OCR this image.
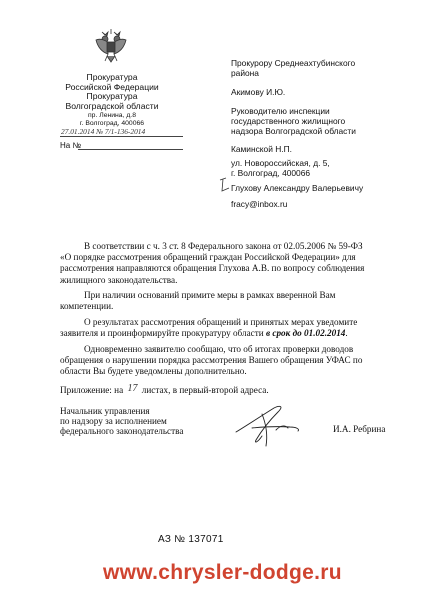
Прокуратура
Российской Федерации
Прокуратура
Волгоградской области
пр. Ленина, д.8
г. Волгоград, 400066
27.01.2014 № 7/1-136-2014
На №
Прокурору Среднеахтубинского
района
Акимову И.Ю.
Руководителю инспекции
государственного жилищного
надзора Волгоградской области
Каминской Н.П.
ул. Новороссийская, д. 5,
г. Волгоград, 400066
Глухову Александру Валерьевичу
fracy@inbox.ru
В соответствии с ч. 3 ст. 8 Федерального закона от 02.05.2006 № 59-ФЗ
«О порядке рассмотрения обращений граждан Российской Федерации» для
рассмотрения направляются обращения Глухова А.В. по вопросу соблюдения
жилищного законодательства.
При наличии оснований примите меры в рамках вверенной Вам
компетенции.
О результатах рассмотрения обращений и принятых мерах уведомите
заявителя и проинформируйте прокуратуру области в срок до 01.02.2014.
Одновременно заявителю сообщаю, что об итогах проверки доводов
обращения о нарушении порядка рассмотрения Вашего обращения УФАС по
области Вы будете уведомлены дополнительно.
Приложение: на 17 листах, в первый-второй адреса.
Начальник управления
по надзору за исполнением
федерального законодательства	И.А. Ребрина
АЗ № 137071
www.chrysler-dodge.ru
